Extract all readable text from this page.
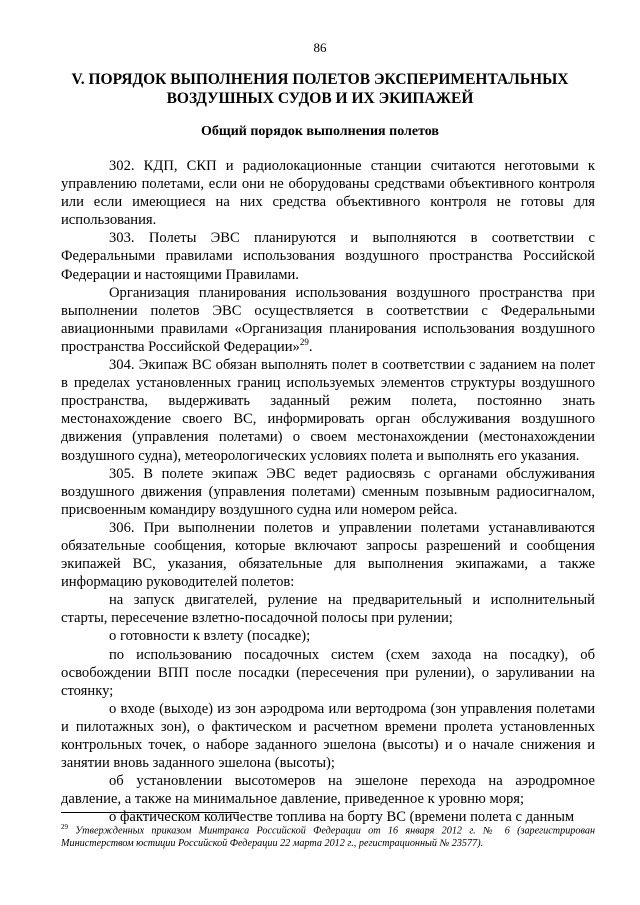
86
V. ПОРЯДОК ВЫПОЛНЕНИЯ ПОЛЕТОВ ЭКСПЕРИМЕНТАЛЬНЫХ
ВОЗДУШНЫХ СУДОВ И ИХ ЭКИПАЖЕЙ
Общий порядок выполнения полетов

302. КДП, СКП и радиолокационные станции считаются неготовыми к управлению полетами, если они не оборудованы средствами объективного контроля или если имеющиеся на них средства объективного контроля не готовы для использования.

303. Полеты ЭВС планируются и выполняются в соответствии с Федеральными правилами использования воздушного пространства Российской Федерации и настоящими Правилами.

Организация планирования использования воздушного пространства при выполнении полетов ЭВС осуществляется в соответствии с Федеральными авиационными правилами «Организация планирования использования воздушного пространства Российской Федерации»$^{29}$.

304. Экипаж ВС обязан выполнять полет в соответствии с заданием на полет в пределах установленных границ используемых элементов структуры воздушного пространства, выдерживать заданный режим полета, постоянно знать местонахождение своего ВС, информировать орган обслуживания воздушного движения (управления полетами) о своем местонахождении (местонахождении воздушного судна), метеорологических условиях полета и выполнять его указания.

305. В полете экипаж ЭВС ведет радиосвязь с органами обслуживания воздушного движения (управления полетами) сменным позывным радиосигналом, присвоенным командиру воздушного судна или номером рейса.

306. При выполнении полетов и управлении полетами устанавливаются обязательные сообщения, которые включают запросы разрешений и сообщения экипажей ВС, указания, обязательные для выполнения экипажами, а также информацию руководителей полетов:

на запуск двигателей, руление на предварительный и исполнительный старты, пересечение взлетно-посадочной полосы при рулении;

о готовности к взлету (посадке);

по использованию посадочных систем (схем захода на посадку), об освобождении ВПП после посадки (пересечения при рулении), о заруливании на стоянку;

о входе (выходе) из зон аэродрома или вертодрома (зон управления полетами и пилотажных зон), о фактическом и расчетном времени пролета установленных контрольных точек, о наборе заданного эшелона (высоты) и о начале снижения и занятии вновь заданного эшелона (высоты);

об установлении высотомеров на эшелоне перехода на аэродромное давление, а также на минимальное давление, приведенное к уровню моря;

о фактическом количестве топлива на борту ВС (времени полета с данным

$^{29}$ Утвержденных приказом Минтранса Российской Федерации от 16 января 2012 г. № 6 (зарегистрирован Министерством юстиции Российской Федерации 22 марта 2012 г., регистрационный № 23577).
